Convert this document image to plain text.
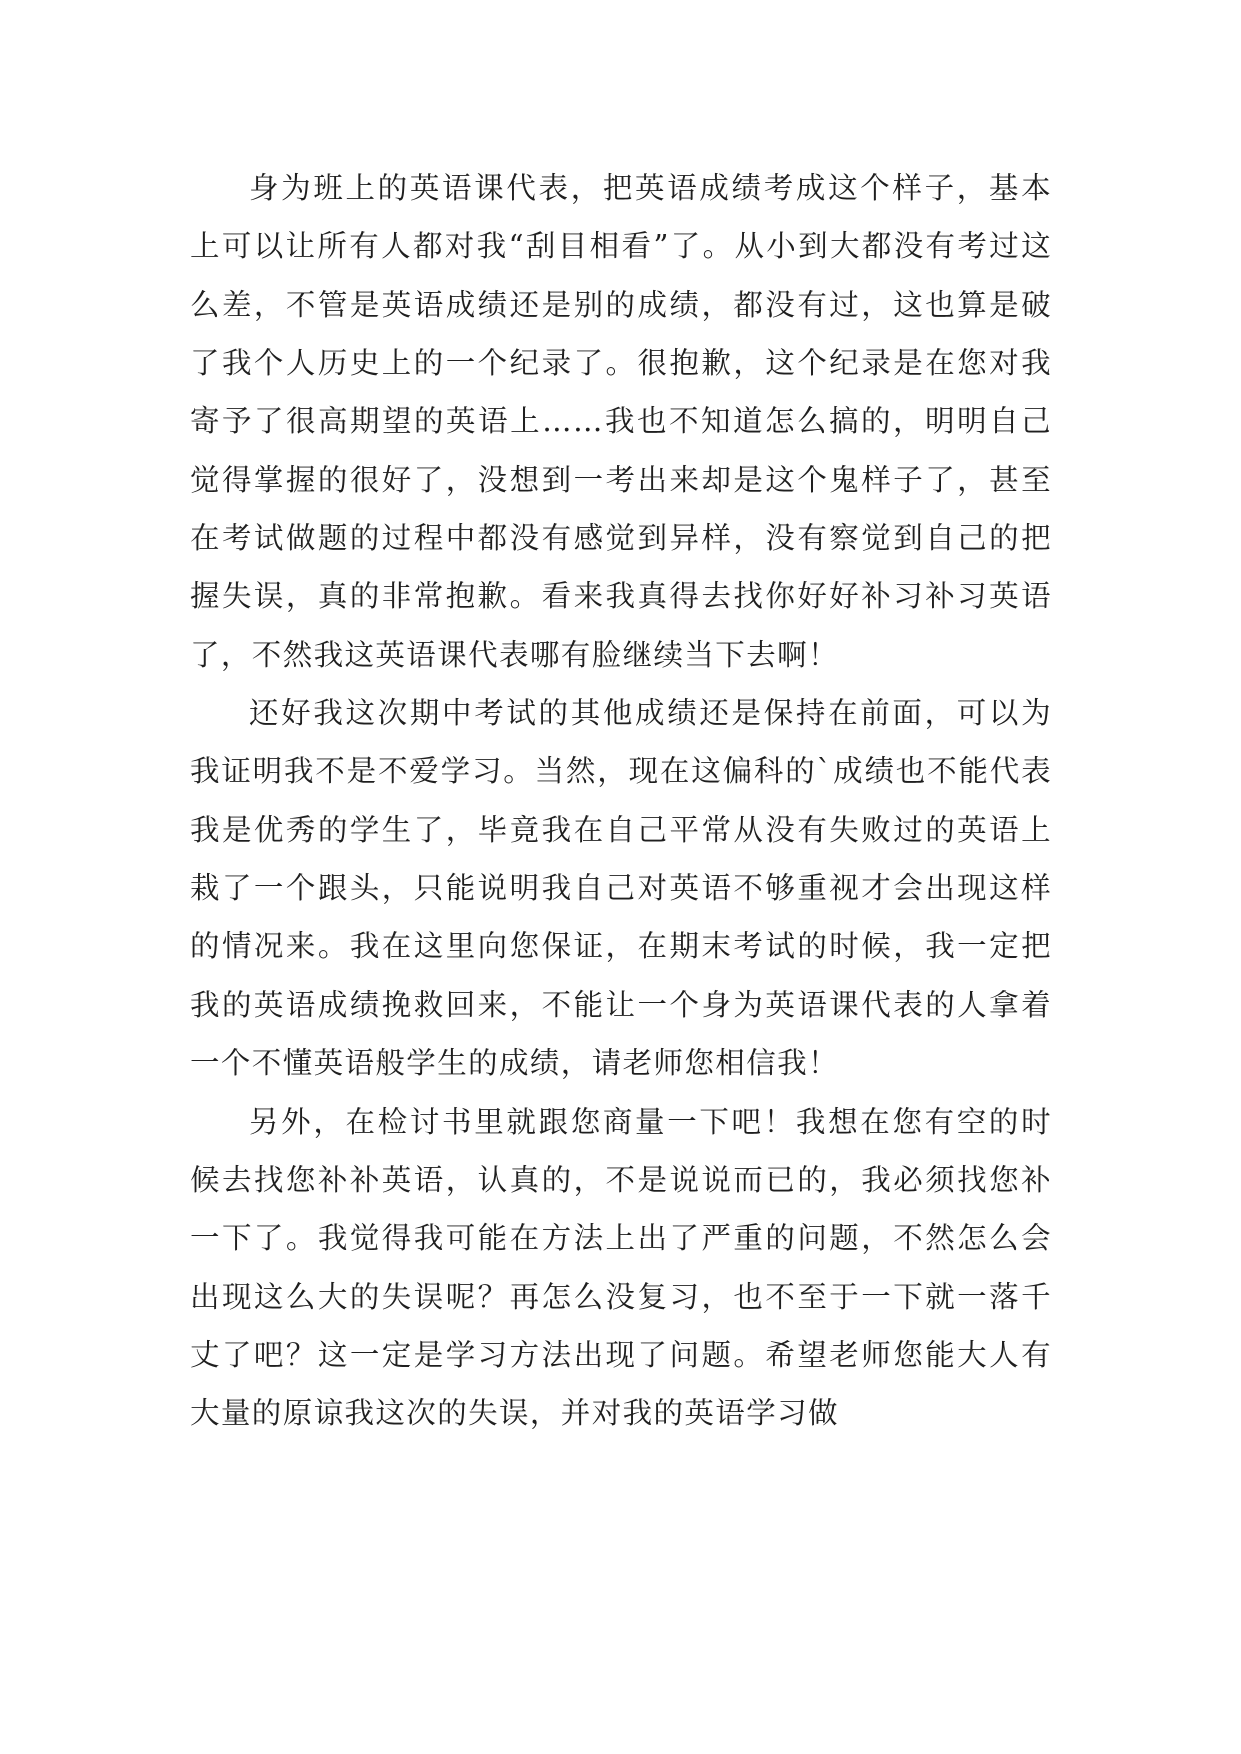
身为班上的英语课代表，把英语成绩考成这个样子，基本上可以让所有人都对我“刮目相看”了。从小到大都没有考过这么差，不管是英语成绩还是别的成绩，都没有过，这也算是破了我个人历史上的一个纪录了。很抱歉，这个纪录是在您对我寄予了很高期望的英语上……我也不知道怎么搞的，明明自己觉得掌握的很好了，没想到一考出来却是这个鬼样子了，甚至在考试做题的过程中都没有感觉到异样，没有察觉到自己的把握失误，真的非常抱歉。看来我真得去找你好好补习补习英语了，不然我这英语课代表哪有脸继续当下去啊！

还好我这次期中考试的其他成绩还是保持在前面，可以为我证明我不是不爱学习。当然，现在这偏科的`成绩也不能代表我是优秀的学生了，毕竟我在自己平常从没有失败过的英语上栽了一个跟头，只能说明我自己对英语不够重视才会出现这样的情况来。我在这里向您保证，在期末考试的时候，我一定把我的英语成绩挽救回来，不能让一个身为英语课代表的人拿着一个不懂英语般学生的成绩，请老师您相信我！

另外，在检讨书里就跟您商量一下吧！我想在您有空的时候去找您补补英语，认真的，不是说说而已的，我必须找您补一下了。我觉得我可能在方法上出了严重的问题，不然怎么会出现这么大的失误呢？再怎么没复习，也不至于一下就一落千丈了吧？这一定是学习方法出现了问题。希望老师您能大人有大量的原谅我这次的失误，并对我的英语学习做
